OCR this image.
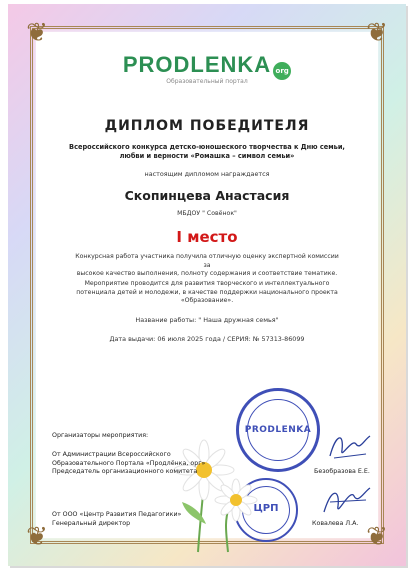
❦	❦
❦	❦
PRODLENKA org
Образовательный портал
ДИПЛОМ ПОБЕДИТЕЛЯ
Всероссийского конкурса детско-юношеского творчества к Дню семьи,
любви и верности «Ромашка – символ семьи»
настоящим дипломом награждается
Скопинцева Анастасия
МБДОУ " Совёнок"
I место
Конкурсная работа участника получила отличную оценку экспертной комиссии за
высокое качество выполнения, полноту содержания и соответствие тематике.
Мероприятие проводится для развития творческого и интеллектуального
потенциала детей и молодежи, в качестве поддержки национального проекта
«Образование».
Название работы: " Наша дружная семья"
Дата выдачи: 06 июля 2025 года / СЕРИЯ: № 57313-86099
PRODLENKA
ЦРП
Организаторы мероприятия:
От Администрации Всероссийского
Образовательного Портала «Продлёнка, орг»
Председатель организационного комитета	Безобразова Е.Е.
От ООО «Центр Развития Педагогики»
Генеральный директор	Ковалева Л.А.
